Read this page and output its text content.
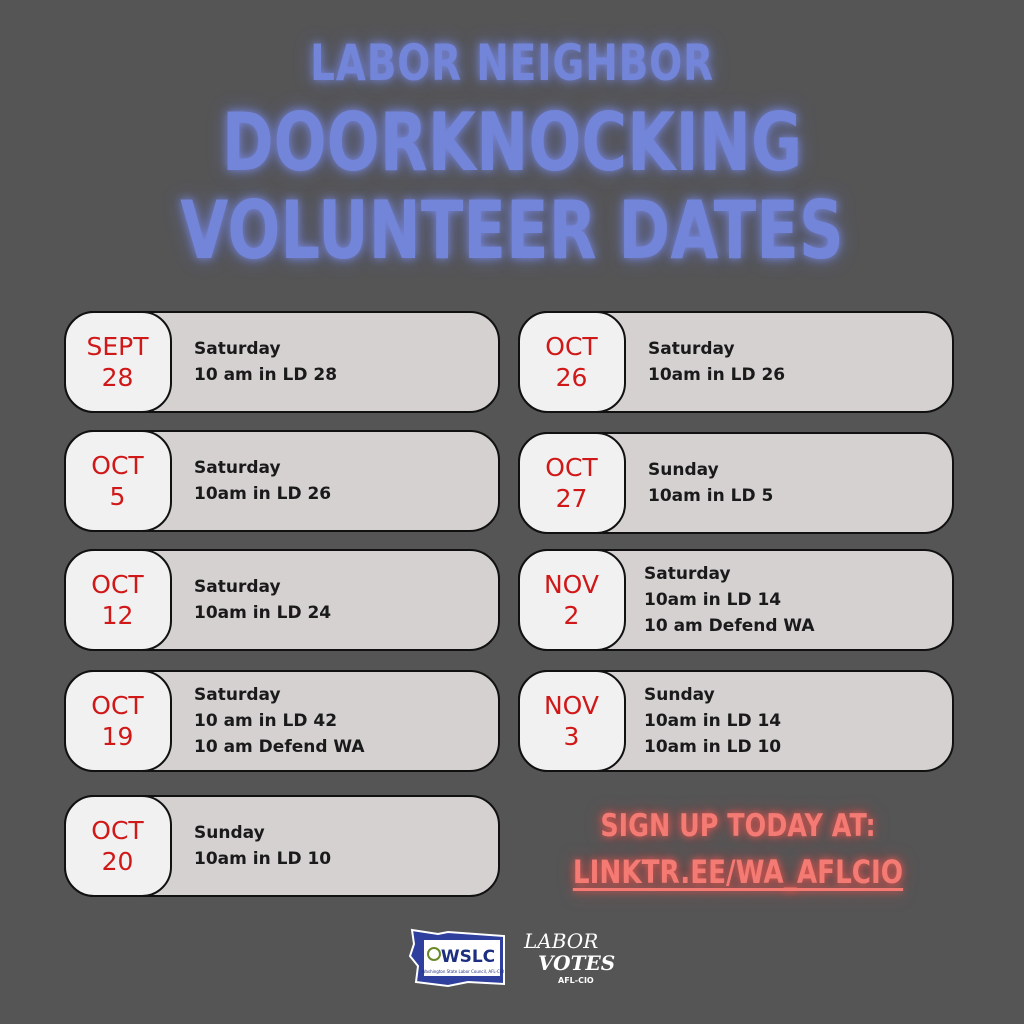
LABOR NEIGHBOR
DOORKNOCKING
VOLUNTEER DATES
SEPT
28
Saturday
10 am in LD 28
OCT
5
Saturday
10am in LD 26
OCT
12
Saturday
10am in LD 24
OCT
19
Saturday
10 am in LD 42
10 am Defend WA
OCT
20
Sunday
10am in LD 10
OCT
26
Saturday
10am in LD 26
OCT
27
Sunday
10am in LD 5
NOV
2
Saturday
10am in LD 14
10 am Defend WA
NOV
3
Sunday
10am in LD 14
10am in LD 10
SIGN UP TODAY AT:
LINKTR.EE/WA_AFLCIO
WSLC
Washington State Labor Council, AFL-CIO
LABOR
VOTES
AFL-CIO
